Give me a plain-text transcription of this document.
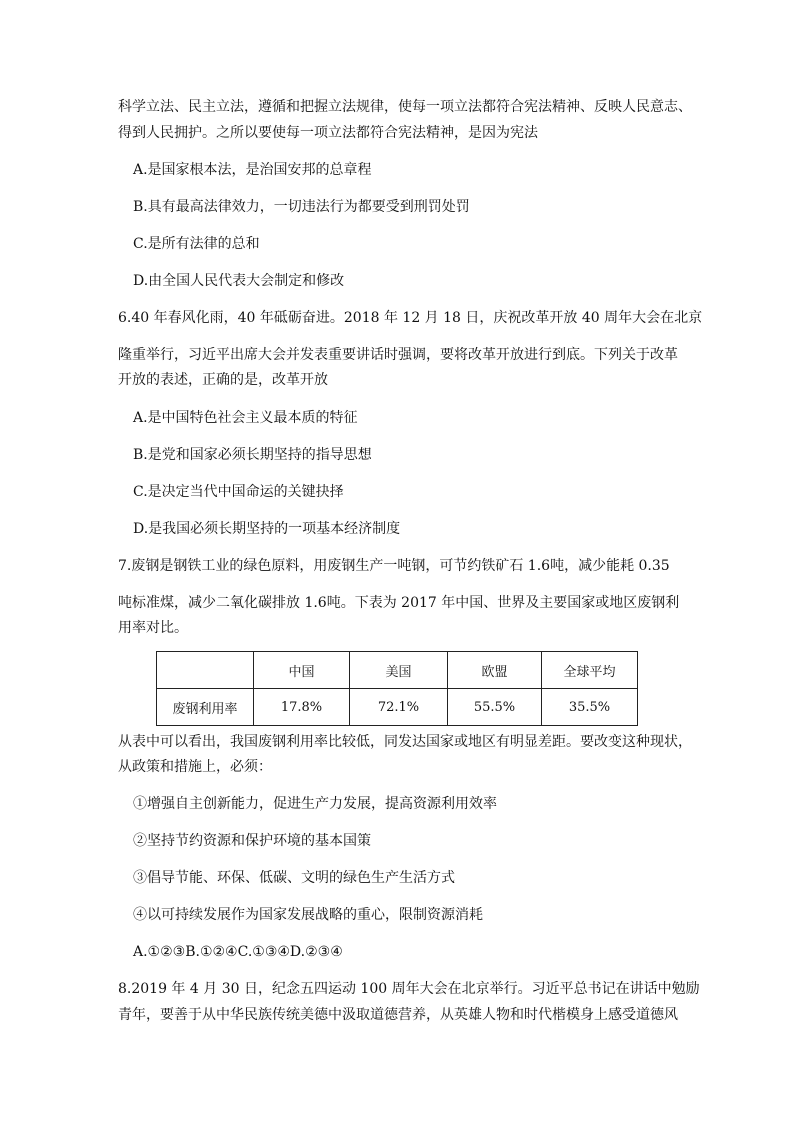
科学立法、民主立法，遵循和把握立法规律，使每一项立法都符合宪法精神、反映人民意志、
得到人民拥护。之所以要使每一项立法都符合宪法精神，是因为宪法
A.是国家根本法，是治国安邦的总章程
B.具有最高法律效力，一切违法行为都要受到刑罚处罚
C.是所有法律的总和
D.由全国人民代表大会制定和修改
6.40 年春风化雨，40 年砥砺奋进。2018 年 12 月 18 日，庆祝改革开放 40 周年大会在北京
隆重举行，习近平出席大会并发表重要讲话时强调，要将改革开放进行到底。下列关于改革
开放的表述，正确的是，改革开放
A.是中国特色社会主义最本质的特征
B.是党和国家必须长期坚持的指导思想
C.是决定当代中国命运的关键抉择
D.是我国必须长期坚持的一项基本经济制度
7.废钢是钢铁工业的绿色原料，用废钢生产一吨钢，可节约铁矿石 1.6吨，减少能耗 0.35
吨标准煤，减少二氧化碳排放 1.6吨。下表为 2017 年中国、世界及主要国家或地区废钢利
用率对比。
	中国	美国	欧盟	全球平均
废钢利用率	17.8%	72.1%	55.5%	35.5%
从表中可以看出，我国废钢利用率比较低，同发达国家或地区有明显差距。要改变这种现状，
从政策和措施上，必须：
①增强自主创新能力，促进生产力发展，提高资源利用效率
②坚持节约资源和保护环境的基本国策
③倡导节能、环保、低碳、文明的绿色生产生活方式
④以可持续发展作为国家发展战略的重心，限制资源消耗
A.①②③B.①②④C.①③④D.②③④
8.2019 年 4 月 30 日，纪念五四运动 100 周年大会在北京举行。习近平总书记在讲话中勉励
青年，要善于从中华民族传统美德中汲取道德营养，从英雄人物和时代楷模身上感受道德风
